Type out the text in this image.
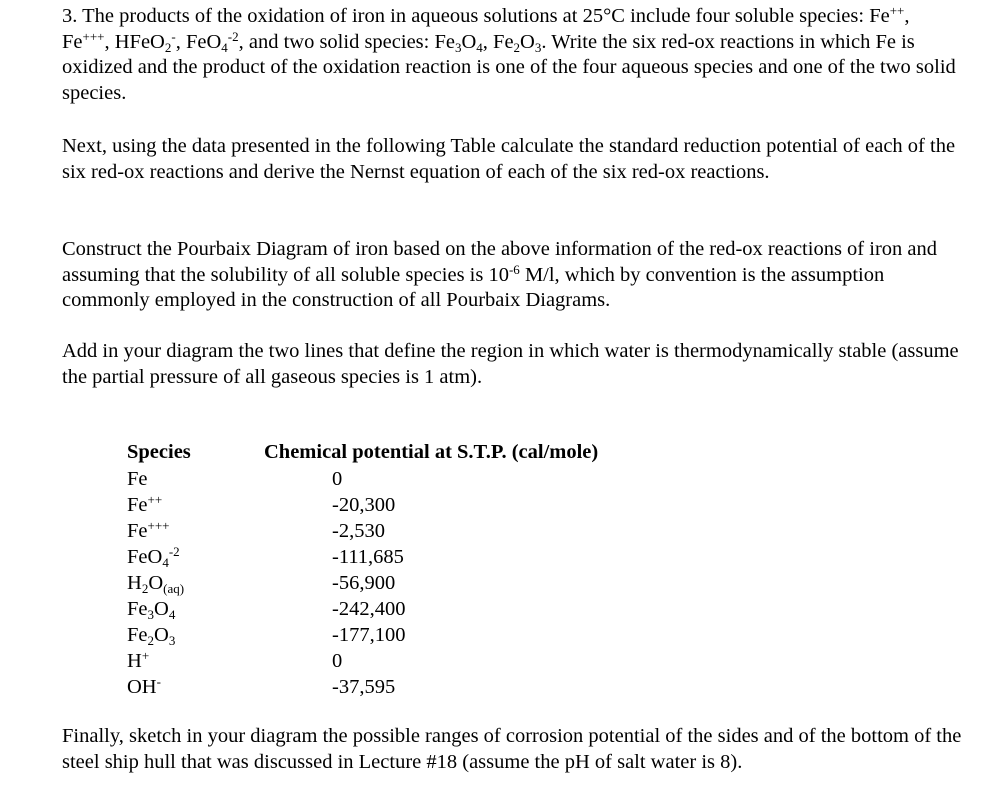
3. The products of the oxidation of iron in aqueous solutions at 25°C include four soluble species: Fe++, Fe+++, HFeO$_2$-, FeO$_4^{-2}$, and two solid species: $Fe_3O_4$, $Fe_2O_3$. Write the six red-ox reactions in which Fe is oxidized and the product of the oxidation reaction is one of the four aqueous species and one of the two solid species.
Next, using the data presented in the following Table calculate the standard reduction potential of each of the six red-ox reactions and derive the Nernst equation of each of the six red-ox reactions.
Construct the Pourbaix Diagram of iron based on the above information of the red-ox reactions of iron and assuming that the solubility of all soluble species is $10^{-6}$ M/l, which by convention is the assumption commonly employed in the construction of all Pourbaix Diagrams.
Add in your diagram the two lines that define the region in which water is thermodynamically stable (assume the partial pressure of all gaseous species is 1 atm).
Species	Chemical potential at S.T.P. (cal/mole)
Fe	0
Fe++	-20,300
Fe+++	-2,530
FeO$_4^{-2}$	-111,685
$H_2O_{(aq)}$	-56,900
$Fe_3O_4$	-242,400
$Fe_2O_3$	-177,100
H+	0
OH-	-37,595
Finally, sketch in your diagram the possible ranges of corrosion potential of the sides and of the bottom of the steel ship hull that was discussed in Lecture #18 (assume the pH of salt water is 8).
